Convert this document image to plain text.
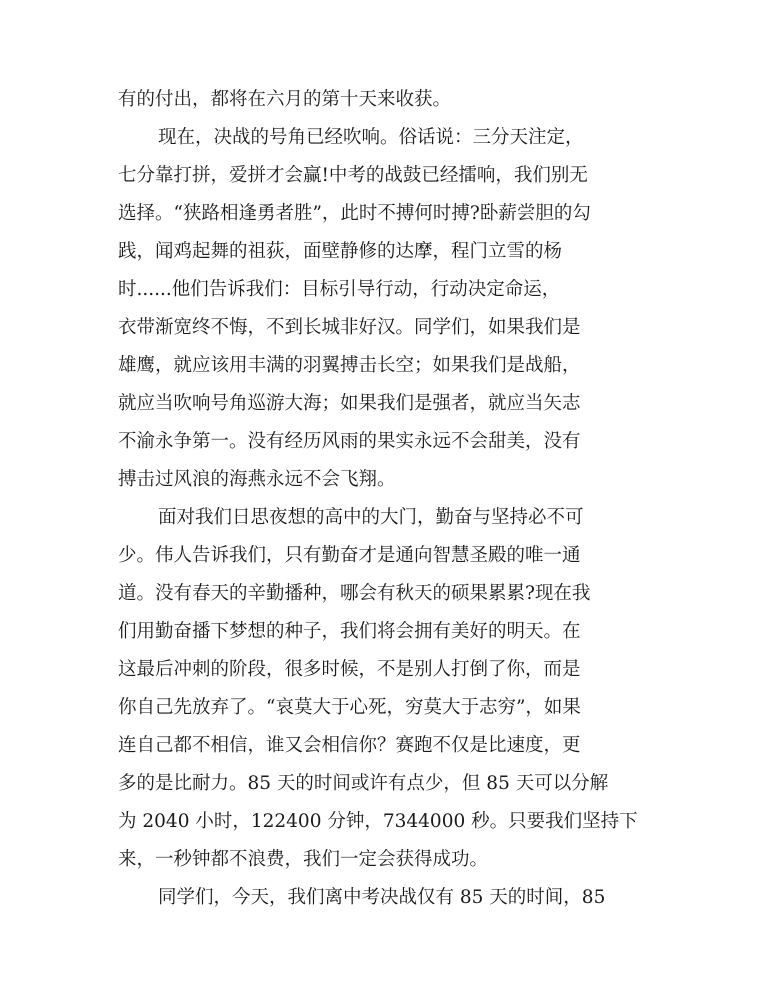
有的付出，都将在六月的第十天来收获。
现在，决战的号角已经吹响。俗话说：三分天注定，
七分靠打拼，爱拼才会赢!中考的战鼓已经擂响，我们别无
选择。“狭路相逢勇者胜”，此时不搏何时搏?卧薪尝胆的勾
践，闻鸡起舞的祖荻，面壁静修的达摩，程门立雪的杨
时......他们告诉我们：目标引导行动，行动决定命运，
衣带渐宽终不悔，不到长城非好汉。同学们，如果我们是
雄鹰，就应该用丰满的羽翼搏击长空；如果我们是战船，
就应当吹响号角巡游大海；如果我们是强者，就应当矢志
不渝永争第一。没有经历风雨的果实永远不会甜美，没有
搏击过风浪的海燕永远不会飞翔。
面对我们日思夜想的高中的大门，勤奋与坚持必不可
少。伟人告诉我们，只有勤奋才是通向智慧圣殿的唯一通
道。没有春天的辛勤播种，哪会有秋天的硕果累累?现在我
们用勤奋播下梦想的种子，我们将会拥有美好的明天。在
这最后冲刺的阶段，很多时候，不是别人打倒了你，而是
你自己先放弃了。“哀莫大于心死，穷莫大于志穷”，如果
连自己都不相信，谁又会相信你？赛跑不仅是比速度，更
多的是比耐力。85 天的时间或许有点少，但 85 天可以分解
为 2040 小时，122400 分钟，7344000 秒。只要我们坚持下
来，一秒钟都不浪费，我们一定会获得成功。
同学们，今天，我们离中考决战仅有 85 天的时间，85
